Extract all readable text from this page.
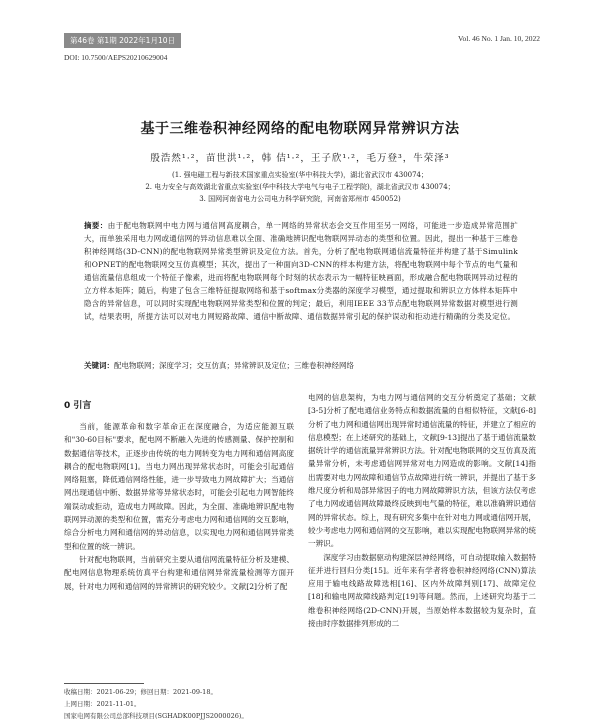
第46卷 第1期 2022年1月10日	Vol. 46 No. 1 Jan. 10, 2022
DOI: 10.7500/AEPS20210629004
基于三维卷积神经网络的配电物联网异常辨识方法
殷浩然¹·²，苗世洪¹·²，韩 佶¹·²，王子欣¹·²，毛万登³，牛荣泽³
(1. 强电磁工程与新技术国家重点实验室(华中科技大学)，湖北省武汉市 430074；
2. 电力安全与高效湖北省重点实验室(华中科技大学电气与电子工程学院)，湖北省武汉市 430074；
3. 国网河南省电力公司电力科学研究院，河南省郑州市 450052)
摘要：由于配电物联网中电力网与通信网高度耦合，单一网络的异常状态会交互作用至另一网络，可能进一步造成异常范围扩大，而单独采用电力网或通信网的异动信息难以全面、准确地辨识配电物联网异动态的类型和位置。因此，提出一种基于三维卷积神经网络(3D-CNN)的配电物联网异常类型辨识及定位方法。首先，分析了配电物联网通信流量特征并构建了基于Simulink和OPNET的配电物联网交互仿真模型；其次，提出了一种面向3D-CNN的样本构建方法，将配电物联网中每个节点的电气量和通信流量信息组成一个特征子像素，进而将配电物联网每个时刻的状态表示为一幅特征映画面，形成融合配电物联网异动过程的立方样本矩阵；随后，构建了包含三维特征提取网络和基于softmax分类器的深度学习模型，通过提取和辨识立方体样本矩阵中隐含的异常信息，可以同时实现配电物联网异常类型和位置的判定；最后，利用IEEE 33节点配电物联网异常数据对模型进行测试，结果表明，所提方法可以对电力网短路故障、通信中断故障、通信数据异常引起的保护误动和拒动进行精确的分类及定位。
关键词：配电物联网；深度学习；交互仿真；异常辨识及定位；三维卷积神经网络
0 引言

当前，能源革命和数字革命正在深度融合，为适应能源互联和"30·60目标"要求，配电网不断融入先进的传感测量、保护控制和数据通信等技术，正逐步由传统的电力网转变为电力网和通信网高度耦合的配电物联网[1]。当电力网出现异常状态时，可能会引起通信网络阻塞，降低通信网络性能，进一步导致电力网故障扩大；当通信网出现通信中断、数据异常等异常状态时，可能会引起电力网智能终端误动或拒动，造成电力网故障。因此，为全面、准确地辨识配电物联网异动源的类型和位置，需充分考虑电力网和通信网的交互影响，综合分析电力网和通信网的异动信息，以实现电力网和通信网异常类型和位置的统一辨识。

针对配电物联网，当前研究主要从通信网流量特征分析及建模、配电网信息物理系统仿真平台构建和通信网异常流量检测等方面开展，针对电力网和通信网的异常辨识的研究较少。文献[2]分析了配

电网的信息架构，为电力网与通信网的交互分析奠定了基础；文献[3-5]分析了配电通信业务特点和数据流量的自相似特征，文献[6-8]分析了电力网和通信网出现异常时通信流量的特征，并建立了相应的信息模型；在上述研究的基础上，文献[9-13]提出了基于通信流量数据统计学的通信流量异常辨识方法。针对配电物联网的交互仿真及流量异常分析，未考虑通信网异常对电力网造成的影响。文献[14]指出需要对电力网故障和通信节点故障进行统一辨识，并提出了基于多维尺度分析和局部异常因子的电力网故障辨识方法，但该方法仅考虑了电力网或通信网故障最终反映到电气量的特征，难以准确辨识通信网的异常状态。综上，现有研究多集中在针对电力网或通信网开展，较少考虑电力网和通信网的交互影响，难以实现配电物联网异常的统一辨识。

深度学习由数据驱动构建深层神经网络，可自动提取输入数据特征并进行回归分类[15]。近年来有学者将卷积神经网络(CNN)算法应用于输电线路故障选相[16]、区内外故障判别[17]、故障定位[18]和输电网故障线路判定[19]等问题。然而，上述研究均基于二维卷积神经网络(2D-CNN)开展，当原始样本数据较为复杂时，直接由时序数据排列形成的二

收稿日期：2021-06-29；修回日期：2021-09-18。
上网日期：2021-11-01。
国家电网有限公司总部科技项目(SGHADK00PJJS2000026)。
